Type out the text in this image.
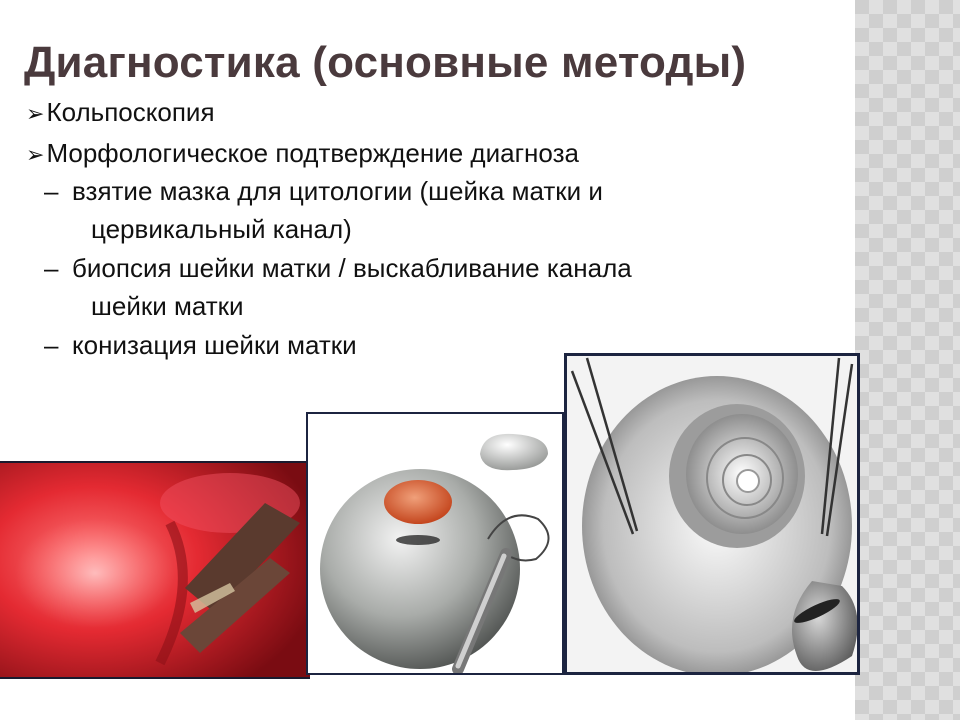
Диагностика (основные методы)
➢Кольпоскопия
➢Морфологическое подтверждение диагноза
– взятие мазка для цитологии (шейка матки и
цервикальный канал)
– биопсия шейки матки / выскабливание канала
шейки матки
– конизация шейки матки
